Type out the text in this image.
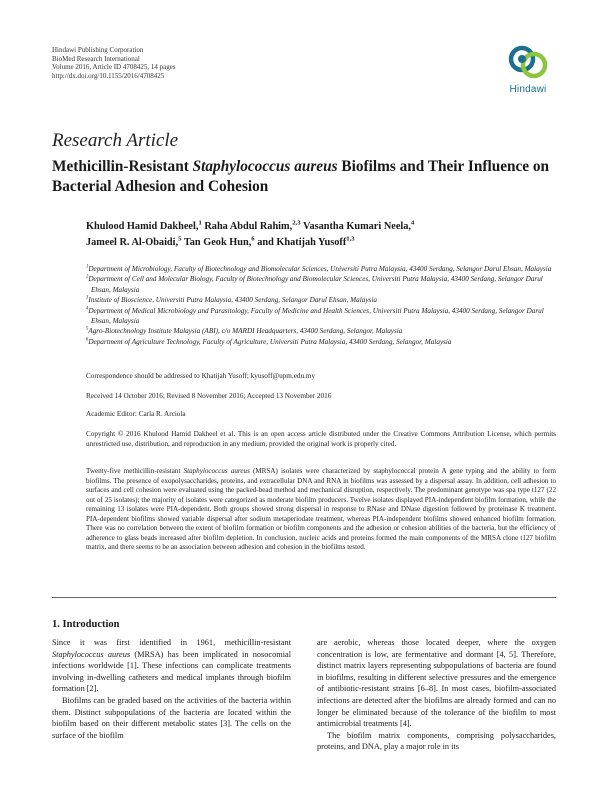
Hindawi Publishing Corporation
BioMed Research International
Volume 2016, Article ID 4708425, 14 pages
http://dx.doi.org/10.1155/2016/4708425
Hindawi
Research Article
Methicillin-Resistant Staphylococcus aureus Biofilms and Their Influence on Bacterial Adhesion and Cohesion
Khulood Hamid Dakheel,$^1$ Raha Abdul Rahim,$^{2,3}$ Vasantha Kumari Neela,$^4$
Jameel R. Al-Obaidi,$^5$ Tan Geok Hun,$^6$ and Khatijah Yusoff$^{1,3}$

$^1$Department of Microbiology, Faculty of Biotechnology and Biomolecular Sciences, Universiti Putra Malaysia, 43400 Serdang, Selangor Darul Ehsan, Malaysia

$^2$Department of Cell and Molecular Biology, Faculty of Biotechnology and Biomolecular Sciences, Universiti Putra Malaysia, 43400 Serdang, Selangor Darul Ehsan, Malaysia

$^3$Institute of Bioscience, Universiti Putra Malaysia, 43400 Serdang, Selangor Darul Ehsan, Malaysia

$^4$Department of Medical Microbiology and Parasitology, Faculty of Medicine and Health Sciences, Universiti Putra Malaysia, 43400 Serdang, Selangor Darul Ehsan, Malaysia

$^5$Agro-Biotechnology Institute Malaysia (ABI), c/o MARDI Headquarters, 43400 Serdang, Selangor, Malaysia

$^6$Department of Agriculture Technology, Faculty of Agriculture, Universiti Putra Malaysia, 43400 Serdang, Selangor, Malaysia

Correspondence should be addressed to Khatijah Yusoff; kyusoff@upm.edu.my
Received 14 October 2016; Revised 8 November 2016; Accepted 13 November 2016
Academic Editor: Carla R. Arciola
Copyright © 2016 Khulood Hamid Dakheel et al. This is an open access article distributed under the Creative Commons Attribution License, which permits unrestricted use, distribution, and reproduction in any medium, provided the original work is properly cited.
Twenty-five methicillin-resistant Staphylococcus aureus (MRSA) isolates were characterized by staphylococcal protein A gene typing and the ability to form biofilms. The presence of exopolysaccharides, proteins, and extracellular DNA and RNA in biofilms was assessed by a dispersal assay. In addition, cell adhesion to surfaces and cell cohesion were evaluated using the packed-bead method and mechanical disruption, respectively. The predominant genotype was spa type t127 (22 out of 25 isolates); the majority of isolates were categorized as moderate biofilm producers. Twelve isolates displayed PIA-independent biofilm formation, while the remaining 13 isolates were PIA-dependent. Both groups showed strong dispersal in response to RNase and DNase digestion followed by proteinase K treatment. PIA-dependent biofilms showed variable dispersal after sodium metaperiodate treatment, whereas PIA-independent biofilms showed enhanced biofilm formation. There was no correlation between the extent of biofilm formation or biofilm components and the adhesion or cohesion abilities of the bacteria, but the efficiency of adherence to glass beads increased after biofilm depletion. In conclusion, nucleic acids and proteins formed the main components of the MRSA clone t127 biofilm matrix, and there seems to be an association between adhesion and cohesion in the biofilms tested.
1. Introduction

Since it was first identified in 1961, methicillin-resistant Staphylococcus aureus (MRSA) has been implicated in nosocomial infections worldwide [1]. These infections can complicate treatments involving in-dwelling catheters and medical implants through biofilm formation [2].

Biofilms can be graded based on the activities of the bacteria within them. Distinct subpopulations of the bacteria are located within the biofilm based on their different metabolic states [3]. The cells on the surface of the biofilm

are aerobic, whereas those located deeper, where the oxygen concentration is low, are fermentative and dormant [4, 5]. Therefore, distinct matrix layers representing subpopulations of bacteria are found in biofilms, resulting in different selective pressures and the emergence of antibiotic-resistant strains [6–8]. In most cases, biofilm-associated infections are detected after the biofilms are already formed and can no longer be eliminated because of the tolerance of the biofilm to most antimicrobial treatments [4].

The biofilm matrix components, comprising polysaccharides, proteins, and DNA, play a major role in its
